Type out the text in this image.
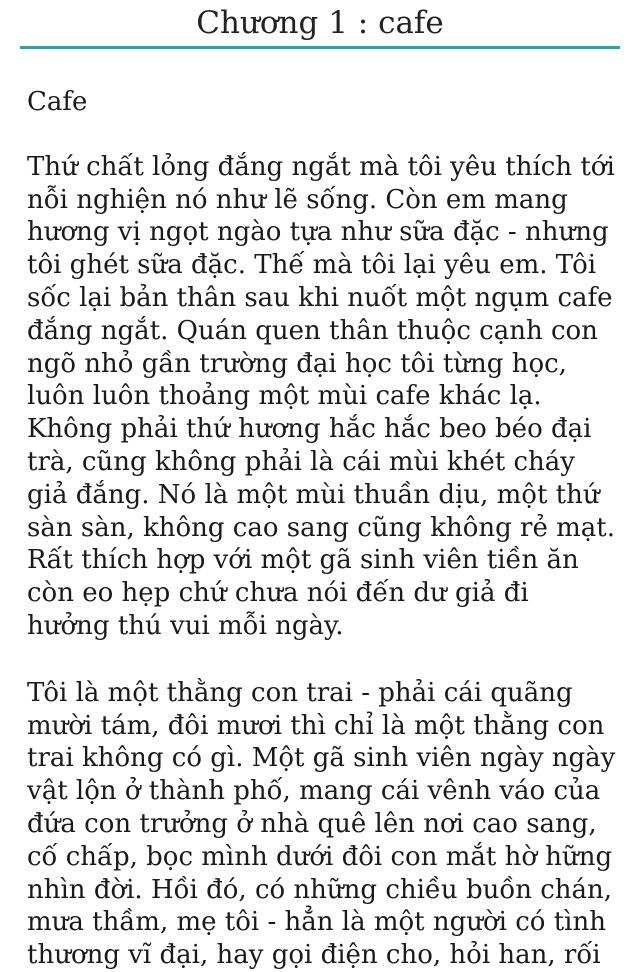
Chương 1 : cafe

Cafe

Thứ chất lỏng đắng ngắt mà tôi yêu thích tới
nỗi nghiện nó như lẽ sống. Còn em mang
hương vị ngọt ngào tựa như sữa đặc - nhưng
tôi ghét sữa đặc. Thế mà tôi lại yêu em. Tôi
sốc lại bản thân sau khi nuốt một ngụm cafe
đắng ngắt. Quán quen thân thuộc cạnh con
ngõ nhỏ gần trường đại học tôi từng học,
luôn luôn thoảng một mùi cafe khác lạ.
Không phải thứ hương hắc hắc beo béo đại
trà, cũng không phải là cái mùi khét cháy
giả đắng. Nó là một mùi thuần dịu, một thứ
sàn sàn, không cao sang cũng không rẻ mạt.
Rất thích hợp với một gã sinh viên tiền ăn
còn eo hẹp chứ chưa nói đến dư giả đi
hưởng thú vui mỗi ngày.

Tôi là một thằng con trai - phải cái quãng
mười tám, đôi mươi thì chỉ là một thằng con
trai không có gì. Một gã sinh viên ngày ngày
vật lộn ở thành phố, mang cái vênh váo của
đứa con trưởng ở nhà quê lên nơi cao sang,
cố chấp, bọc mình dưới đôi con mắt hờ hững
nhìn đời. Hồi đó, có những chiều buồn chán,
mưa thầm, mẹ tôi - hẳn là một người có tình
thương vĩ đại, hay gọi điện cho, hỏi han, rối
